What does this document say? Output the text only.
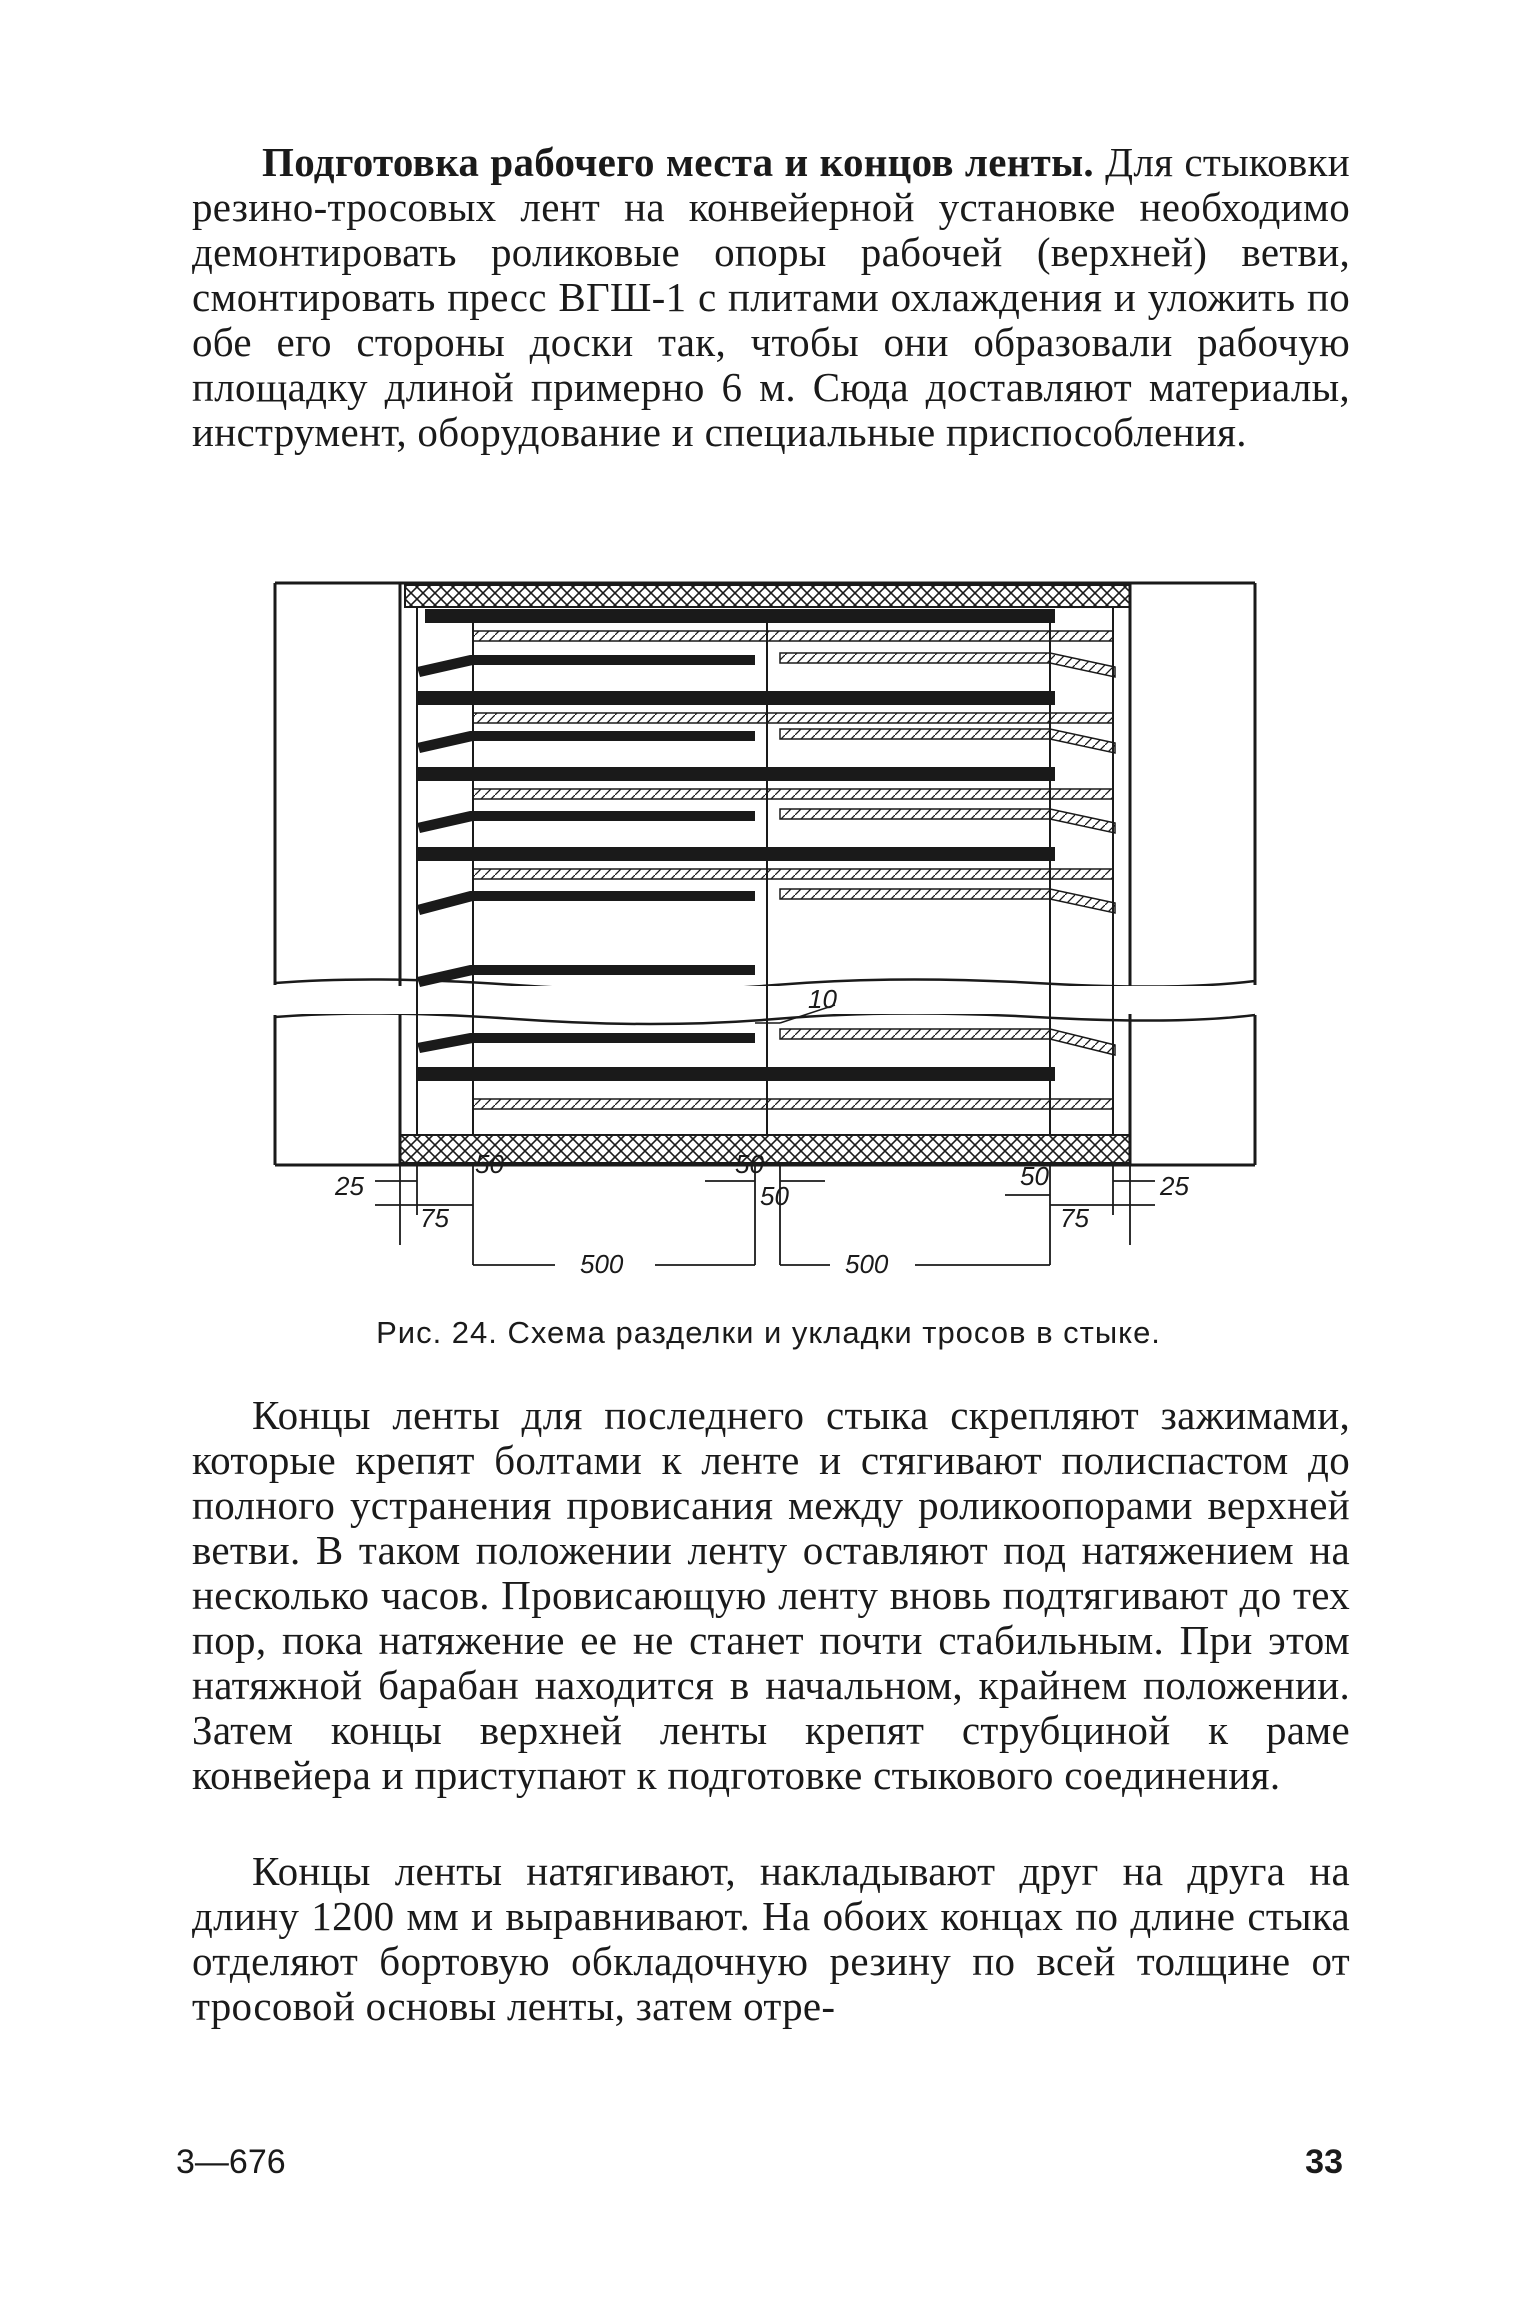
Подготовка рабочего места и концов ленты. Для стыковки резино-тросовых лент на конвейерной установке необходимо демонтировать роликовые опоры рабочей (верхней) ветви, смонтировать пресс ВГШ-1 с плитами охлаждения и уложить по обе его стороны доски так, чтобы они образовали рабочую площадку длиной примерно 6 м. Сюда доставляют материалы, инструмент, оборудование и специальные приспособления.

10
25
75
50
500
50
50
500
50
75
25
Рис. 24. Схема разделки и укладки тросов в стыке.

Концы ленты для последнего стыка скрепляют зажимами, которые крепят болтами к ленте и стягивают полиспастом до полного устранения провисания между роликоопорами верхней ветви. В таком положении ленту оставляют под натяжением на несколько часов. Провисающую ленту вновь подтягивают до тех пор, пока натяжение ее не станет почти стабильным. При этом натяжной барабан находится в начальном, крайнем положении. Затем концы верхней ленты крепят струбциной к раме конвейера и приступают к подготовке стыкового соединения.

Концы ленты натягивают, накладывают друг на друга на длину 1200 мм и выравнивают. На обоих концах по длине стыка отделяют бортовую обкладочную резину по всей толщине от тросовой основы ленты, затем отре-

3—676	33
